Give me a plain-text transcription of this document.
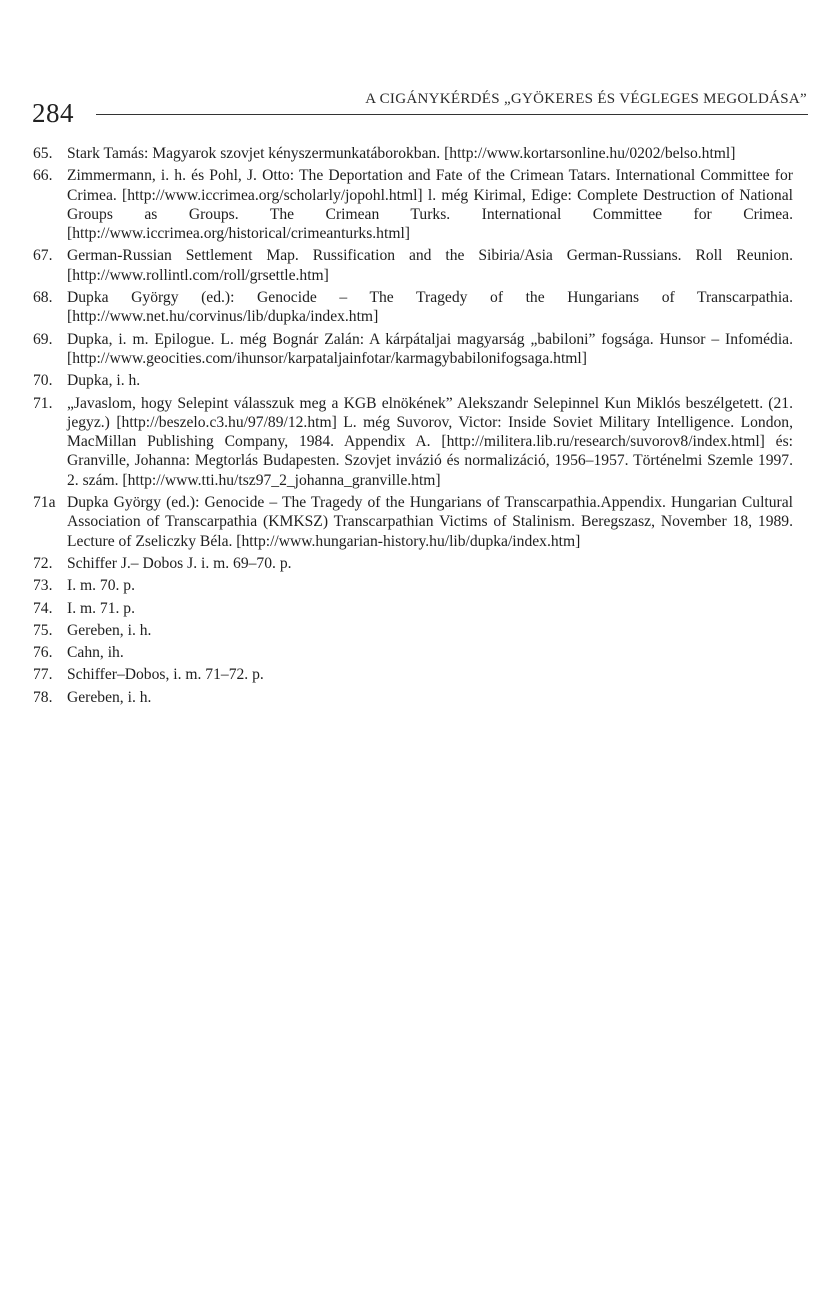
284	A CIGÁNYKÉRDÉS „GYÖKERES ÉS VÉGLEGES MEGOLDÁSA”
65. Stark Tamás: Magyarok szovjet kényszermunkatáborokban. [http://www.kortarsonline.hu/0202/belso.html]
66. Zimmermann, i. h. és Pohl, J. Otto: The Deportation and Fate of the Crimean Tatars. International Committee for Crimea. [http://www.iccrimea.org/scholarly/jopohl.html] l. még Kirimal, Edige: Complete Destruction of National Groups as Groups. The Crimean Turks. International Committee for Crimea. [http://www.iccrimea.org/historical/crimeanturks.html]
67. German-Russian Settlement Map. Russification and the Sibiria/Asia German-Russians. Roll Reunion. [http://www.rollintl.com/roll/grsettle.htm]
68. Dupka György (ed.): Genocide – The Tragedy of the Hungarians of Transcarpathia. [http://www.net.hu/corvinus/lib/dupka/index.htm]
69. Dupka, i. m. Epilogue. L. még Bognár Zalán: A kárpátaljai magyarság „babiloni” fogsága. Hunsor – Infomédia. [http://www.geocities.com/ihunsor/karpataljainfotar/karmagybabilonifogsaga.html]
70. Dupka, i. h.
71. „Javaslom, hogy Selepint válasszuk meg a KGB elnökének” Alekszandr Selepinnel Kun Miklós beszélgetett. (21. jegyz.) [http://beszelo.c3.hu/97/89/12.htm] L. még Suvorov, Victor: Inside Soviet Military Intelligence. London, MacMillan Publishing Company, 1984. Appendix A. [http://militera.lib.ru/research/suvorov8/index.html] és: Granville, Johanna: Megtorlás Budapesten. Szovjet invázió és normalizáció, 1956–1957. Történelmi Szemle 1997. 2. szám. [http://www.tti.hu/tsz97_2_johanna_granville.htm]
71a Dupka György (ed.): Genocide – The Tragedy of the Hungarians of Transcarpathia.Appendix. Hungarian Cultural Association of Transcarpathia (KMKSZ) Transcarpathian Victims of Stalinism. Beregszasz, November 18, 1989. Lecture of Zseliczky Béla. [http://www.hungarian-history.hu/lib/dupka/index.htm]
72. Schiffer J.– Dobos J. i. m. 69–70. p.
73. I. m. 70. p.
74. I. m. 71. p.
75. Gereben, i. h.
76. Cahn, ih.
77. Schiffer–Dobos, i. m. 71–72. p.
78. Gereben, i. h.
